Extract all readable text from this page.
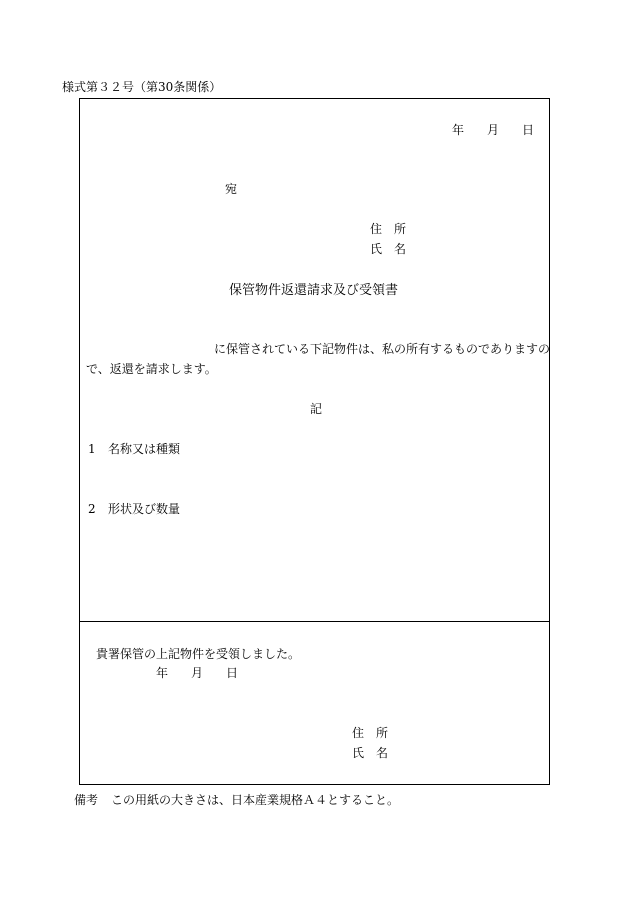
様式第３２号（第30条関係）
年 月 日
宛
住　所
氏　名
保管物件返還請求及び受領書
に保管されている下記物件は、私の所有するものでありますの
で、返還を請求します。
記
1 名称又は種類
2 形状及び数量
貴署保管の上記物件を受領しました。
年 月 日
住　所
氏　名
備考 この用紙の大きさは、日本産業規格Ａ４とすること。
